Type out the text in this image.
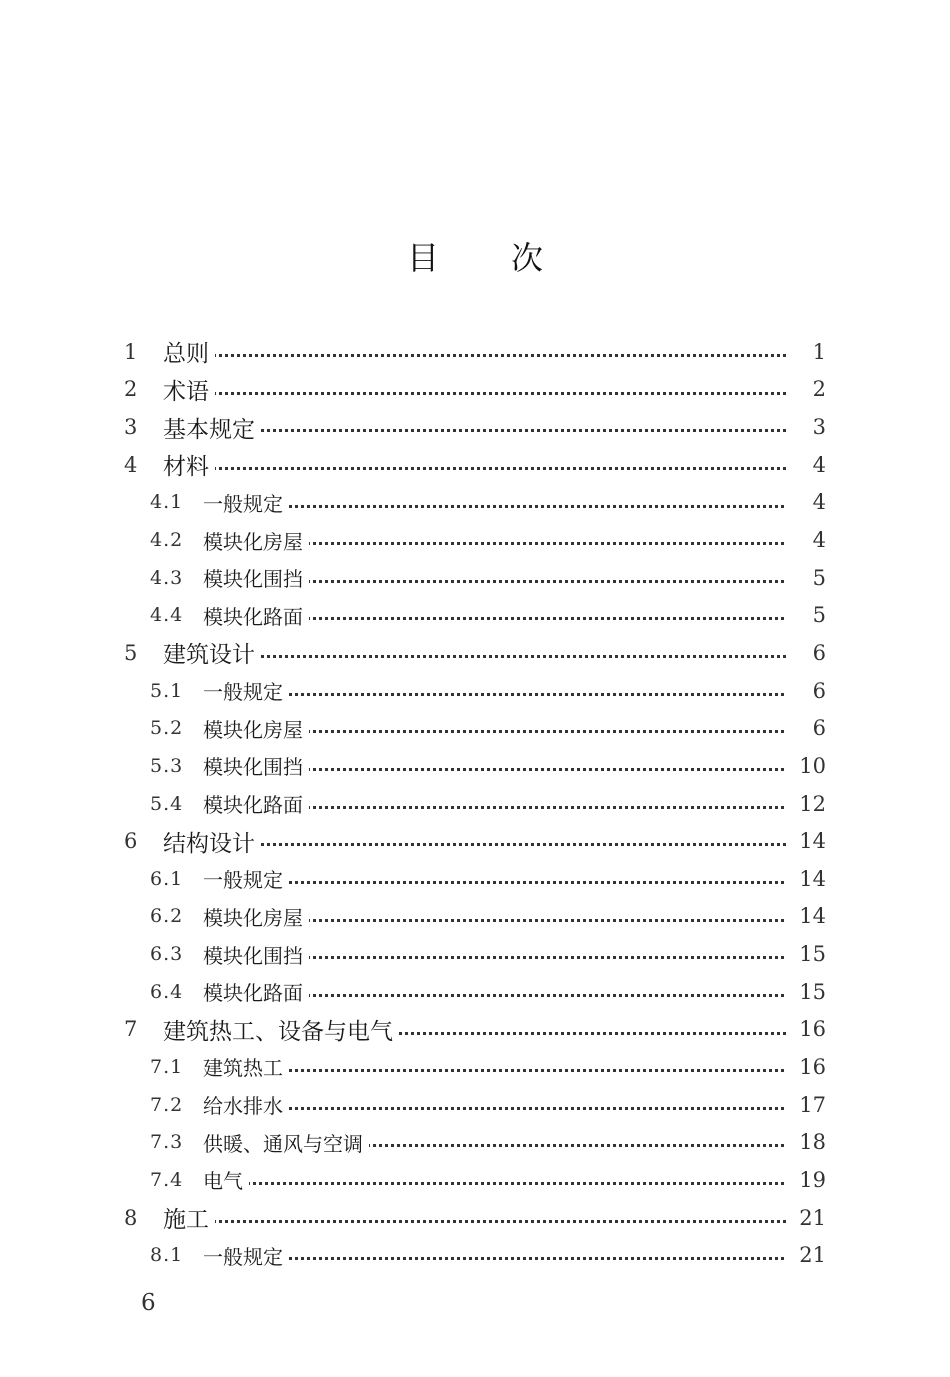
目次
1 总则	1
2 术语	2
3 基本规定	3
4 材料	4
4.1 一般规定	4
4.2 模块化房屋	4
4.3 模块化围挡	5
4.4 模块化路面	5
5 建筑设计	6
5.1 一般规定	6
5.2 模块化房屋	6
5.3 模块化围挡	10
5.4 模块化路面	12
6 结构设计	14
6.1 一般规定	14
6.2 模块化房屋	14
6.3 模块化围挡	15
6.4 模块化路面	15
7 建筑热工、设备与电气	16
7.1 建筑热工	16
7.2 给水排水	17
7.3 供暖、通风与空调	18
7.4 电气	19
8 施工	21
8.1 一般规定	21
6
